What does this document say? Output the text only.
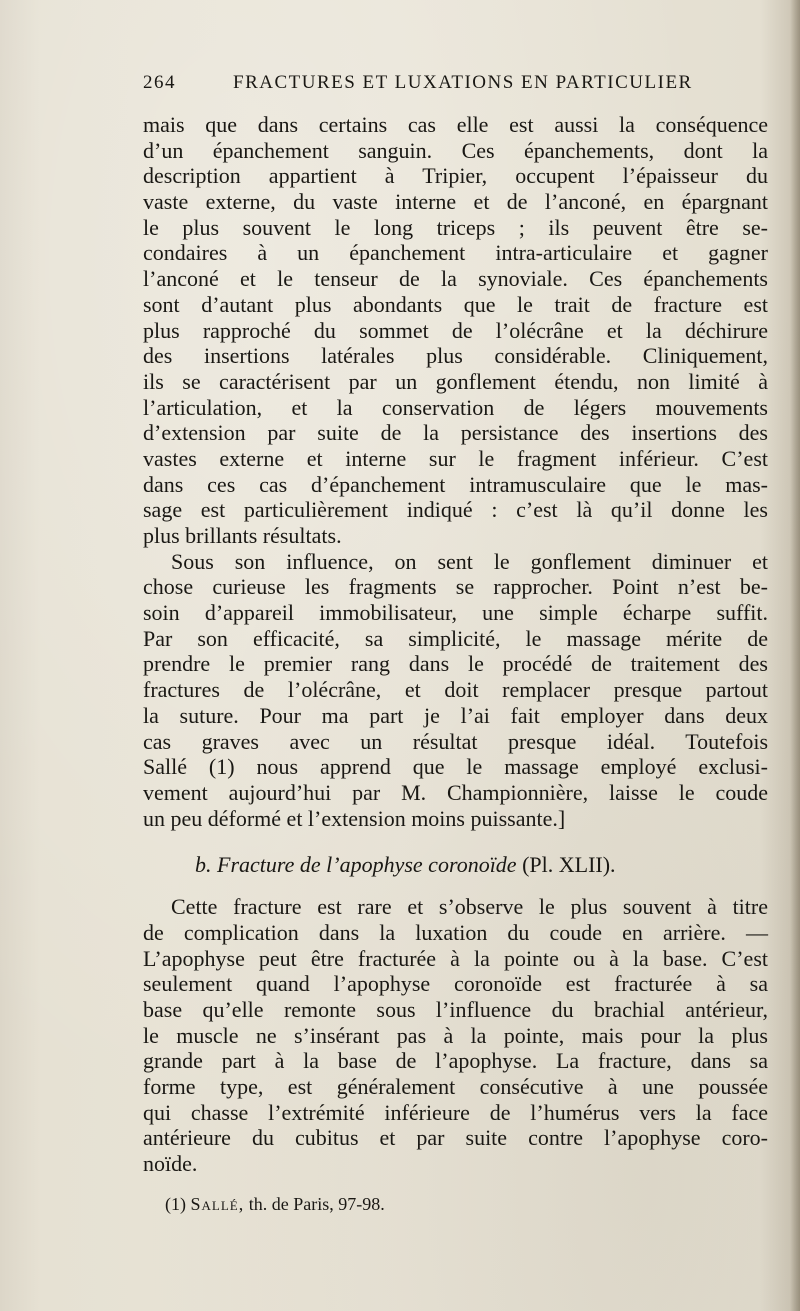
264	FRACTURES ET LUXATIONS EN PARTICULIER
mais que dans certains cas elle est aussi la conséquence
d’un épanchement sanguin. Ces épanchements, dont la
description appartient à Tripier, occupent l’épaisseur du
vaste externe, du vaste interne et de l’anconé, en épargnant
le plus souvent le long triceps ; ils peuvent être se-
condaires à un épanchement intra-articulaire et gagner
l’anconé et le tenseur de la synoviale. Ces épanchements
sont d’autant plus abondants que le trait de fracture est
plus rapproché du sommet de l’olécrâne et la déchirure
des insertions latérales plus considérable. Cliniquement,
ils se caractérisent par un gonflement étendu, non limité à
l’articulation, et la conservation de légers mouvements
d’extension par suite de la persistance des insertions des
vastes externe et interne sur le fragment inférieur. C’est
dans ces cas d’épanchement intramusculaire que le mas-
sage est particulièrement indiqué : c’est là qu’il donne les
plus brillants résultats.
Sous son influence, on sent le gonflement diminuer et
chose curieuse les fragments se rapprocher. Point n’est be-
soin d’appareil immobilisateur, une simple écharpe suffit.
Par son efficacité, sa simplicité, le massage mérite de
prendre le premier rang dans le procédé de traitement des
fractures de l’olécrâne, et doit remplacer presque partout
la suture. Pour ma part je l’ai fait employer dans deux
cas graves avec un résultat presque idéal. Toutefois
Sallé (1) nous apprend que le massage employé exclusi-
vement aujourd’hui par M. Championnière, laisse le coude
un peu déformé et l’extension moins puissante.]
b. Fracture de l’apophyse coronoïde (Pl. XLII).
Cette fracture est rare et s’observe le plus souvent à titre
de complication dans la luxation du coude en arrière. —
L’apophyse peut être fracturée à la pointe ou à la base. C’est
seulement quand l’apophyse coronoïde est fracturée à sa
base qu’elle remonte sous l’influence du brachial antérieur,
le muscle ne s’insérant pas à la pointe, mais pour la plus
grande part à la base de l’apophyse. La fracture, dans sa
forme type, est généralement consécutive à une poussée
qui chasse l’extrémité inférieure de l’humérus vers la face
antérieure du cubitus et par suite contre l’apophyse coro-
noïde.
(1) Sallé, th. de Paris, 97-98.
